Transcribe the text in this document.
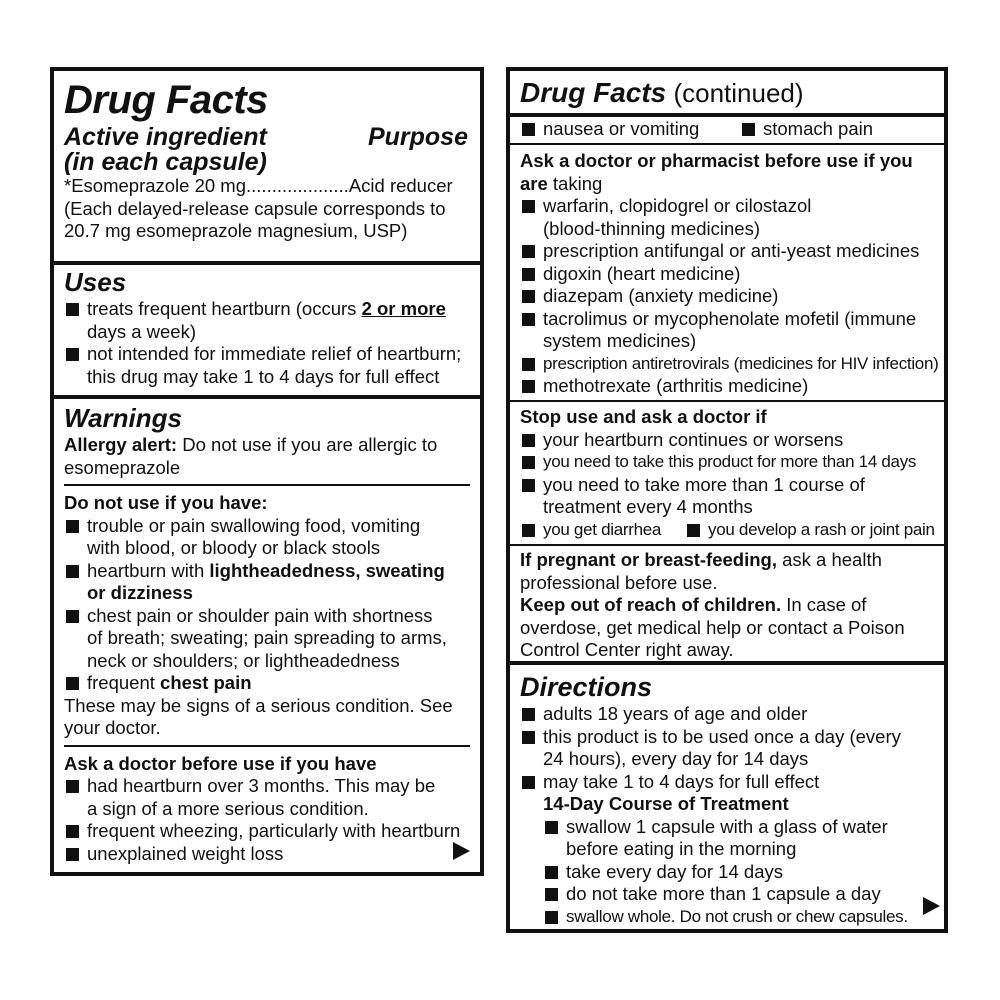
Drug Facts
Active ingredient
(in each capsule)
Purpose
*Esomeprazole 20 mg....................Acid reducer
(Each delayed-release capsule corresponds to
20.7 mg esomeprazole magnesium, USP)
Uses
treats frequent heartburn (occurs 2 or more
days a week)
not intended for immediate relief of heartburn;
this drug may take 1 to 4 days for full effect
Warnings
Allergy alert: Do not use if you are allergic to
esomeprazole
Do not use if you have:
trouble or pain swallowing food, vomiting
with blood, or bloody or black stools
heartburn with lightheadedness, sweating
or dizziness
chest pain or shoulder pain with shortness
of breath; sweating; pain spreading to arms,
neck or shoulders; or lightheadedness
frequent chest pain
These may be signs of a serious condition. See
your doctor.
Ask a doctor before use if you have
had heartburn over 3 months. This may be
a sign of a more serious condition.
frequent wheezing, particularly with heartburn
unexplained weight loss
Drug Facts (continued)
nausea or vomiting	stomach pain
Ask a doctor or pharmacist before use if you
are taking
warfarin, clopidogrel or cilostazol
(blood-thinning medicines)
prescription antifungal or anti-yeast medicines
digoxin (heart medicine)
diazepam (anxiety medicine)
tacrolimus or mycophenolate mofetil (immune
system medicines)
prescription antiretrovirals (medicines for HIV infection)
methotrexate (arthritis medicine)
Stop use and ask a doctor if
your heartburn continues or worsens
you need to take this product for more than 14 days
you need to take more than 1 course of
treatment every 4 months
you get diarrhea	you develop a rash or joint pain
If pregnant or breast-feeding, ask a health
professional before use.
Keep out of reach of children. In case of
overdose, get medical help or contact a Poison
Control Center right away.
Directions
adults 18 years of age and older
this product is to be used once a day (every
24 hours), every day for 14 days
may take 1 to 4 days for full effect
14-Day Course of Treatment
swallow 1 capsule with a glass of water
before eating in the morning
take every day for 14 days
do not take more than 1 capsule a day
swallow whole. Do not crush or chew capsules.
